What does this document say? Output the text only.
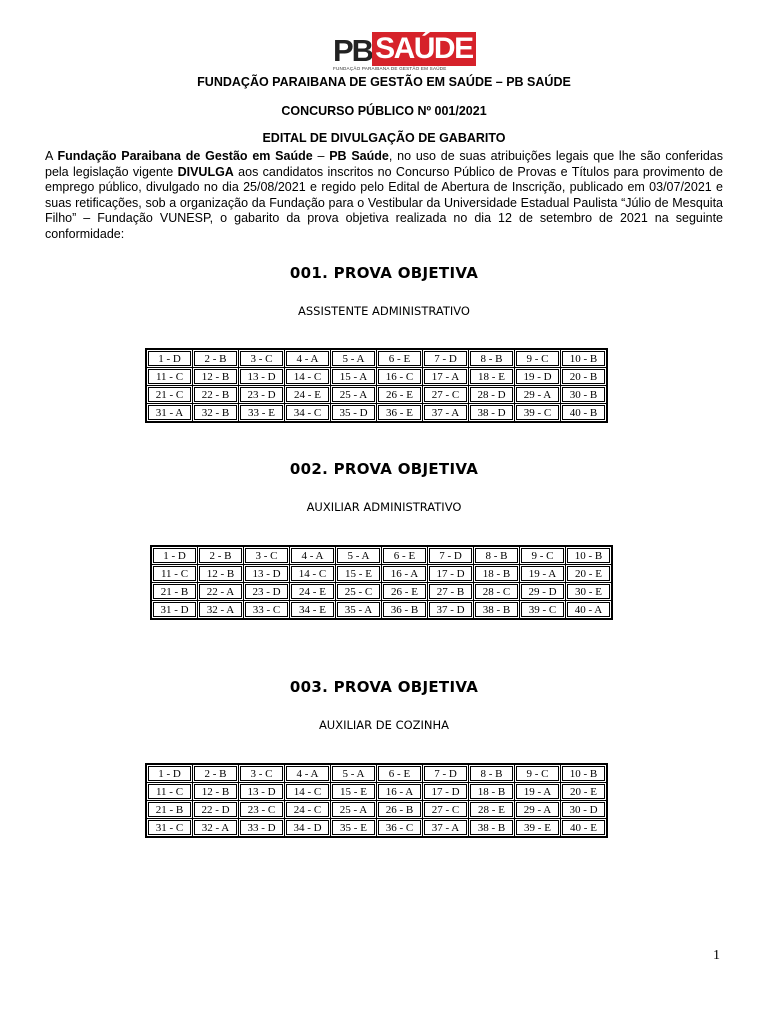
PB SAÚDE
FUNDAÇÃO PARAIBANA DE GESTÃO EM SAÚDE
FUNDAÇÃO PARAIBANA DE GESTÃO EM SAÚDE – PB SAÚDE
CONCURSO PÚBLICO Nº 001/2021
EDITAL DE DIVULGAÇÃO DE GABARITO
A Fundação Paraibana de Gestão em Saúde – PB Saúde, no uso de suas atribuições legais que lhe são conferidas pela legislação vigente DIVULGA aos candidatos inscritos no Concurso Público de Provas e Títulos para provimento de emprego público, divulgado no dia 25/08/2021 e regido pelo Edital de Abertura de Inscrição, publicado em 03/07/2021 e suas retificações, sob a organização da Fundação para o Vestibular da Universidade Estadual Paulista “Júlio de Mesquita Filho” – Fundação VUNESP, o gabarito da prova objetiva realizada no dia 12 de setembro de 2021 na seguinte conformidade:
001. PROVA OBJETIVA
ASSISTENTE ADMINISTRATIVO
1 - D	2 - B	3 - C	4 - A	5 - A	6 - E	7 - D	8 - B	9 - C	10 - B
11 - C	12 - B	13 - D	14 - C	15 - A	16 - C	17 - A	18 - E	19 - D	20 - B
21 - C	22 - B	23 - D	24 - E	25 - A	26 - E	27 - C	28 - D	29 - A	30 - B
31 - A	32 - B	33 - E	34 - C	35 - D	36 - E	37 - A	38 - D	39 - C	40 - B
002. PROVA OBJETIVA
AUXILIAR ADMINISTRATIVO
1 - D	2 - B	3 - C	4 - A	5 - A	6 - E	7 - D	8 - B	9 - C	10 - B
11 - C	12 - B	13 - D	14 - C	15 - E	16 - A	17 - D	18 - B	19 - A	20 - E
21 - B	22 - A	23 - D	24 - E	25 - C	26 - E	27 - B	28 - C	29 - D	30 - E
31 - D	32 - A	33 - C	34 - E	35 - A	36 - B	37 - D	38 - B	39 - C	40 - A
003. PROVA OBJETIVA
AUXILIAR DE COZINHA
1 - D	2 - B	3 - C	4 - A	5 - A	6 - E	7 - D	8 - B	9 - C	10 - B
11 - C	12 - B	13 - D	14 - C	15 - E	16 - A	17 - D	18 - B	19 - A	20 - E
21 - B	22 - D	23 - C	24 - C	25 - A	26 - B	27 - C	28 - E	29 - A	30 - D
31 - C	32 - A	33 - D	34 - D	35 - E	36 - C	37 - A	38 - B	39 - E	40 - E
1
